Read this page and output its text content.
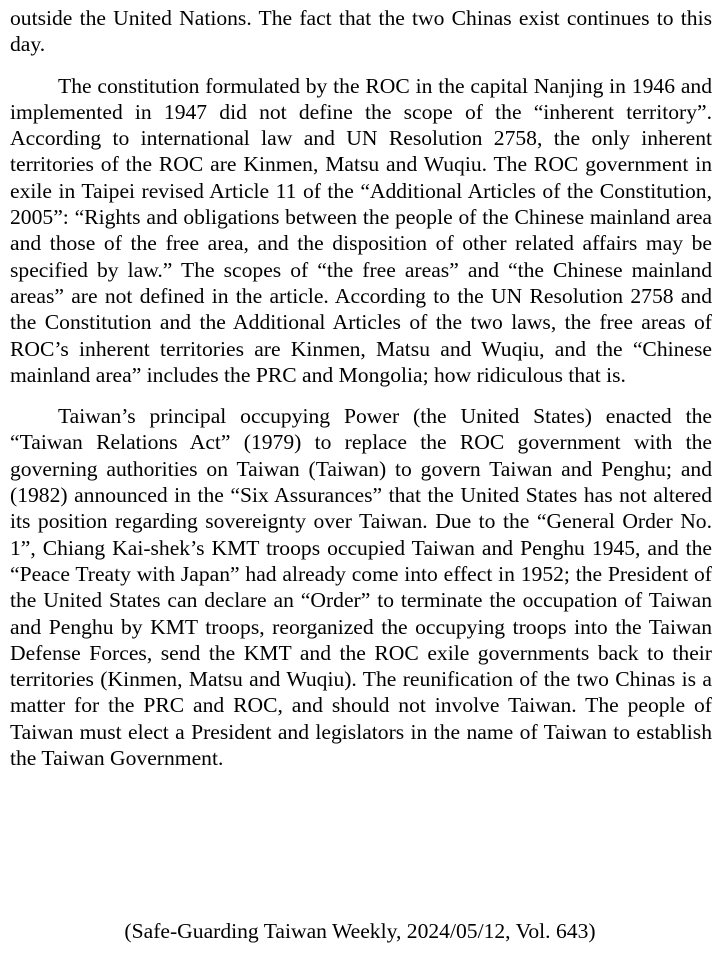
outside the United Nations. The fact that the two Chinas exist continues to this day.

The constitution formulated by the ROC in the capital Nanjing in 1946 and implemented in 1947 did not define the scope of the “inherent territory”. According to international law and UN Resolution 2758, the only inherent territories of the ROC are Kinmen, Matsu and Wuqiu. The ROC government in exile in Taipei revised Article 11 of the “Additional Articles of the Constitution, 2005”: “Rights and obligations between the people of the Chinese mainland area and those of the free area, and the disposition of other related affairs may be specified by law.” The scopes of “the free areas” and “the Chinese mainland areas” are not defined in the article. According to the UN Resolution 2758 and the Constitution and the Additional Articles of the two laws, the free areas of ROC’s inherent territories are Kinmen, Matsu and Wuqiu, and the “Chinese mainland area” includes the PRC and Mongolia; how ridiculous that is.

Taiwan’s principal occupying Power (the United States) enacted the “Taiwan Relations Act” (1979) to replace the ROC government with the governing authorities on Taiwan (Taiwan) to govern Taiwan and Penghu; and (1982) announced in the “Six Assurances” that the United States has not altered its position regarding sovereignty over Taiwan. Due to the “General Order No. 1”, Chiang Kai-shek’s KMT troops occupied Taiwan and Penghu 1945, and the “Peace Treaty with Japan” had already come into effect in 1952; the President of the United States can declare an “Order” to terminate the occupation of Taiwan and Penghu by KMT troops, reorganized the occupying troops into the Taiwan Defense Forces, send the KMT and the ROC exile governments back to their territories (Kinmen, Matsu and Wuqiu). The reunification of the two Chinas is a matter for the PRC and ROC, and should not involve Taiwan. The people of Taiwan must elect a President and legislators in the name of Taiwan to establish the Taiwan Government.

(Safe-Guarding Taiwan Weekly, 2024/05/12, Vol. 643)
